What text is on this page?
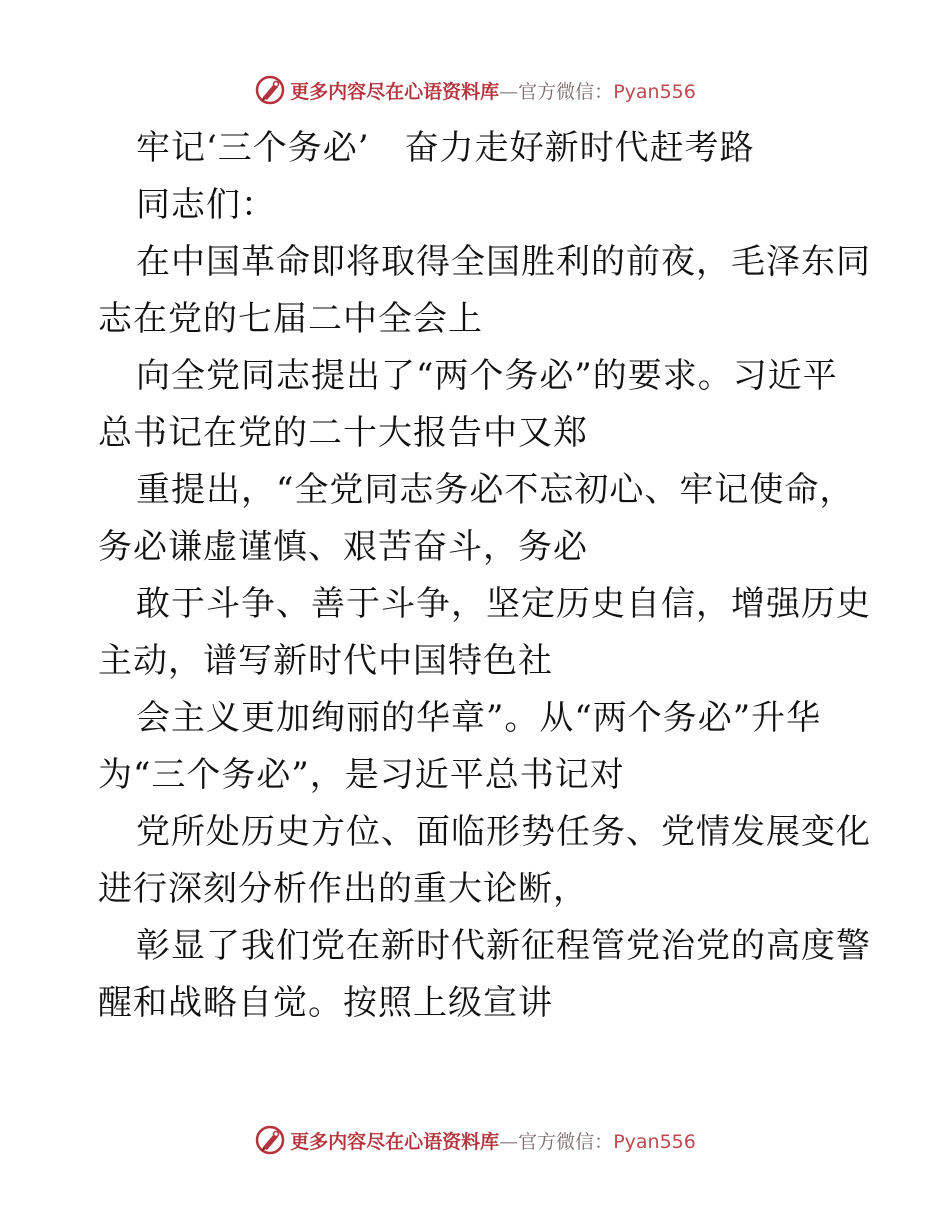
更多内容尽在心语资料库—官方微信：Pyan556
牢记‘三个务必’　奋力走好新时代赶考路
同志们：
在中国革命即将取得全国胜利的前夜，毛泽东同
志在党的七届二中全会上
向全党同志提出了“两个务必”的要求。习近平
总书记在党的二十大报告中又郑
重提出，“全党同志务必不忘初心、牢记使命，
务必谦虚谨慎、艰苦奋斗，务必
敢于斗争、善于斗争，坚定历史自信，增强历史
主动，谱写新时代中国特色社
会主义更加绚丽的华章”。从“两个务必”升华
为“三个务必”，是习近平总书记对
党所处历史方位、面临形势任务、党情发展变化
进行深刻分析作出的重大论断，
彰显了我们党在新时代新征程管党治党的高度警
醒和战略自觉。按照上级宣讲
更多内容尽在心语资料库—官方微信：Pyan556
